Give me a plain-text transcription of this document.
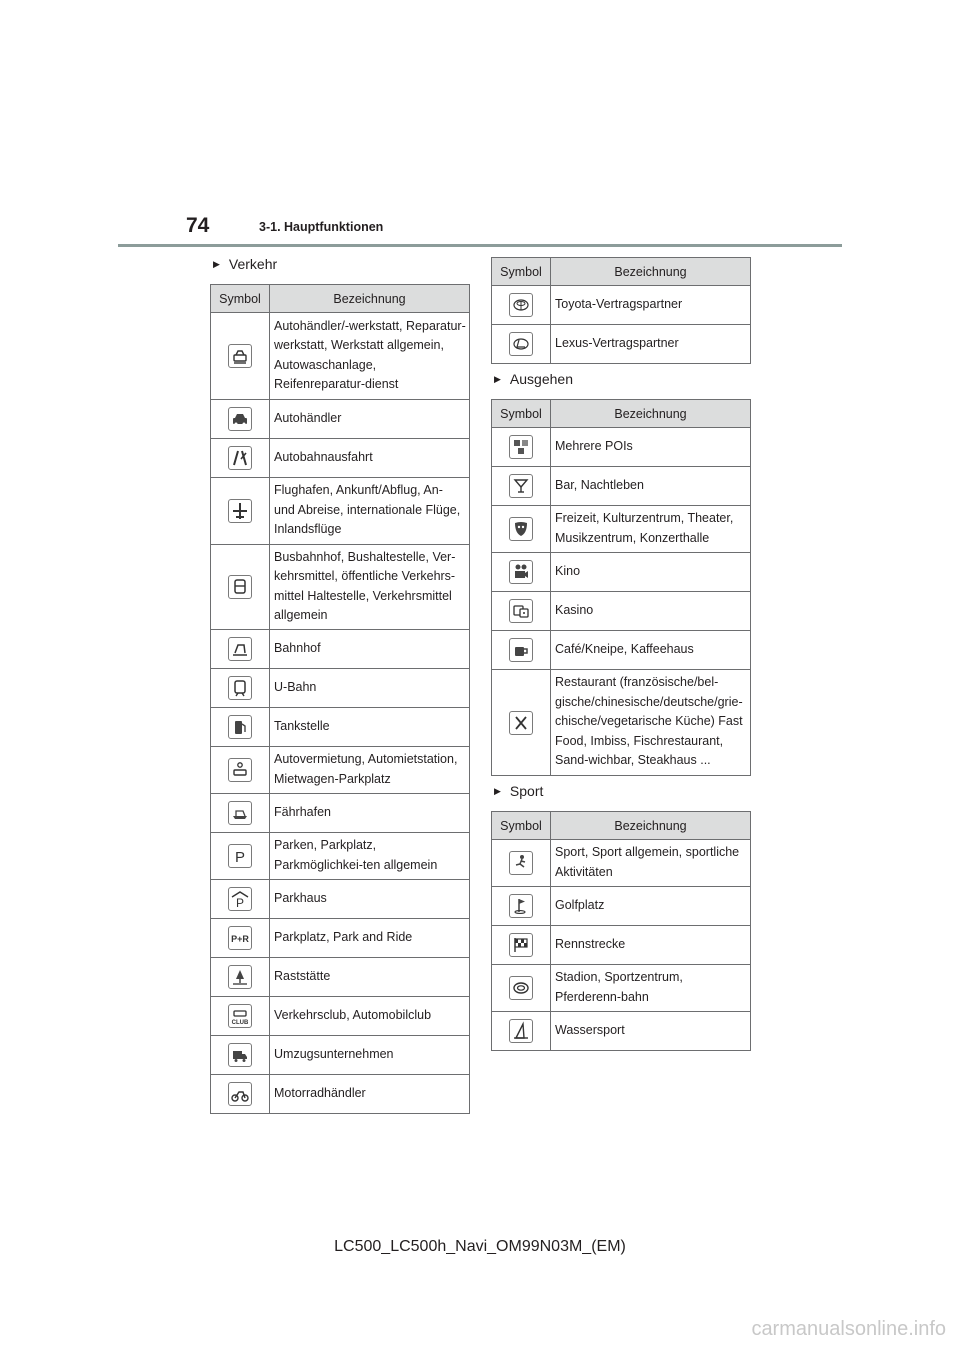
74	3-1. Hauptfunktionen
▶ Verkehr
Symbol	Bezeichnung

	Autohändler/-werkstatt, Reparatur-werkstatt, Werkstatt allgemein, Autowaschanlage, Reifenreparatur-dienst

	Autohändler

	Autobahnausfahrt

	Flughafen, Ankunft/Abflug, An- und Abreise, internationale Flüge, Inlandsflüge

	Busbahnhof, Bushaltestelle, Ver-kehrsmittel, öffentliche Verkehrs-mittel Haltestelle, Verkehrsmittel allgemein

	Bahnhof

	U-Bahn

	Tankstelle

	Autovermietung, Automietstation, Mietwagen-Parkplatz

	Fährhafen

P	Parken, Parkplatz, Parkmöglichkei-ten allgemein

P	Parkhaus

P+R	Parkplatz, Park and Ride

	Raststätte

CLUB	Verkehrsclub, Automobilclub

	Umzugsunternehmen

	Motorradhändler
Symbol	Bezeichnung

	Toyota-Vertragspartner

	Lexus-Vertragspartner
▶ Ausgehen
Symbol	Bezeichnung

	Mehrere POIs

	Bar, Nachtleben

	Freizeit, Kulturzentrum, Theater, Musikzentrum, Konzerthalle

	Kino

	Kasino

	Café/Kneipe, Kaffeehaus

	Restaurant (französische/bel-gische/chinesische/deutsche/grie-chische/vegetarische Küche) Fast Food, Imbiss, Fischrestaurant, Sand-wichbar, Steakhaus ...
▶ Sport
Symbol	Bezeichnung

	Sport, Sport allgemein, sportliche Aktivitäten

	Golfplatz

	Rennstrecke

	Stadion, Sportzentrum, Pferderenn-bahn

	Wassersport
LC500_LC500h_Navi_OM99N03M_(EM)
carmanualsonline.info
